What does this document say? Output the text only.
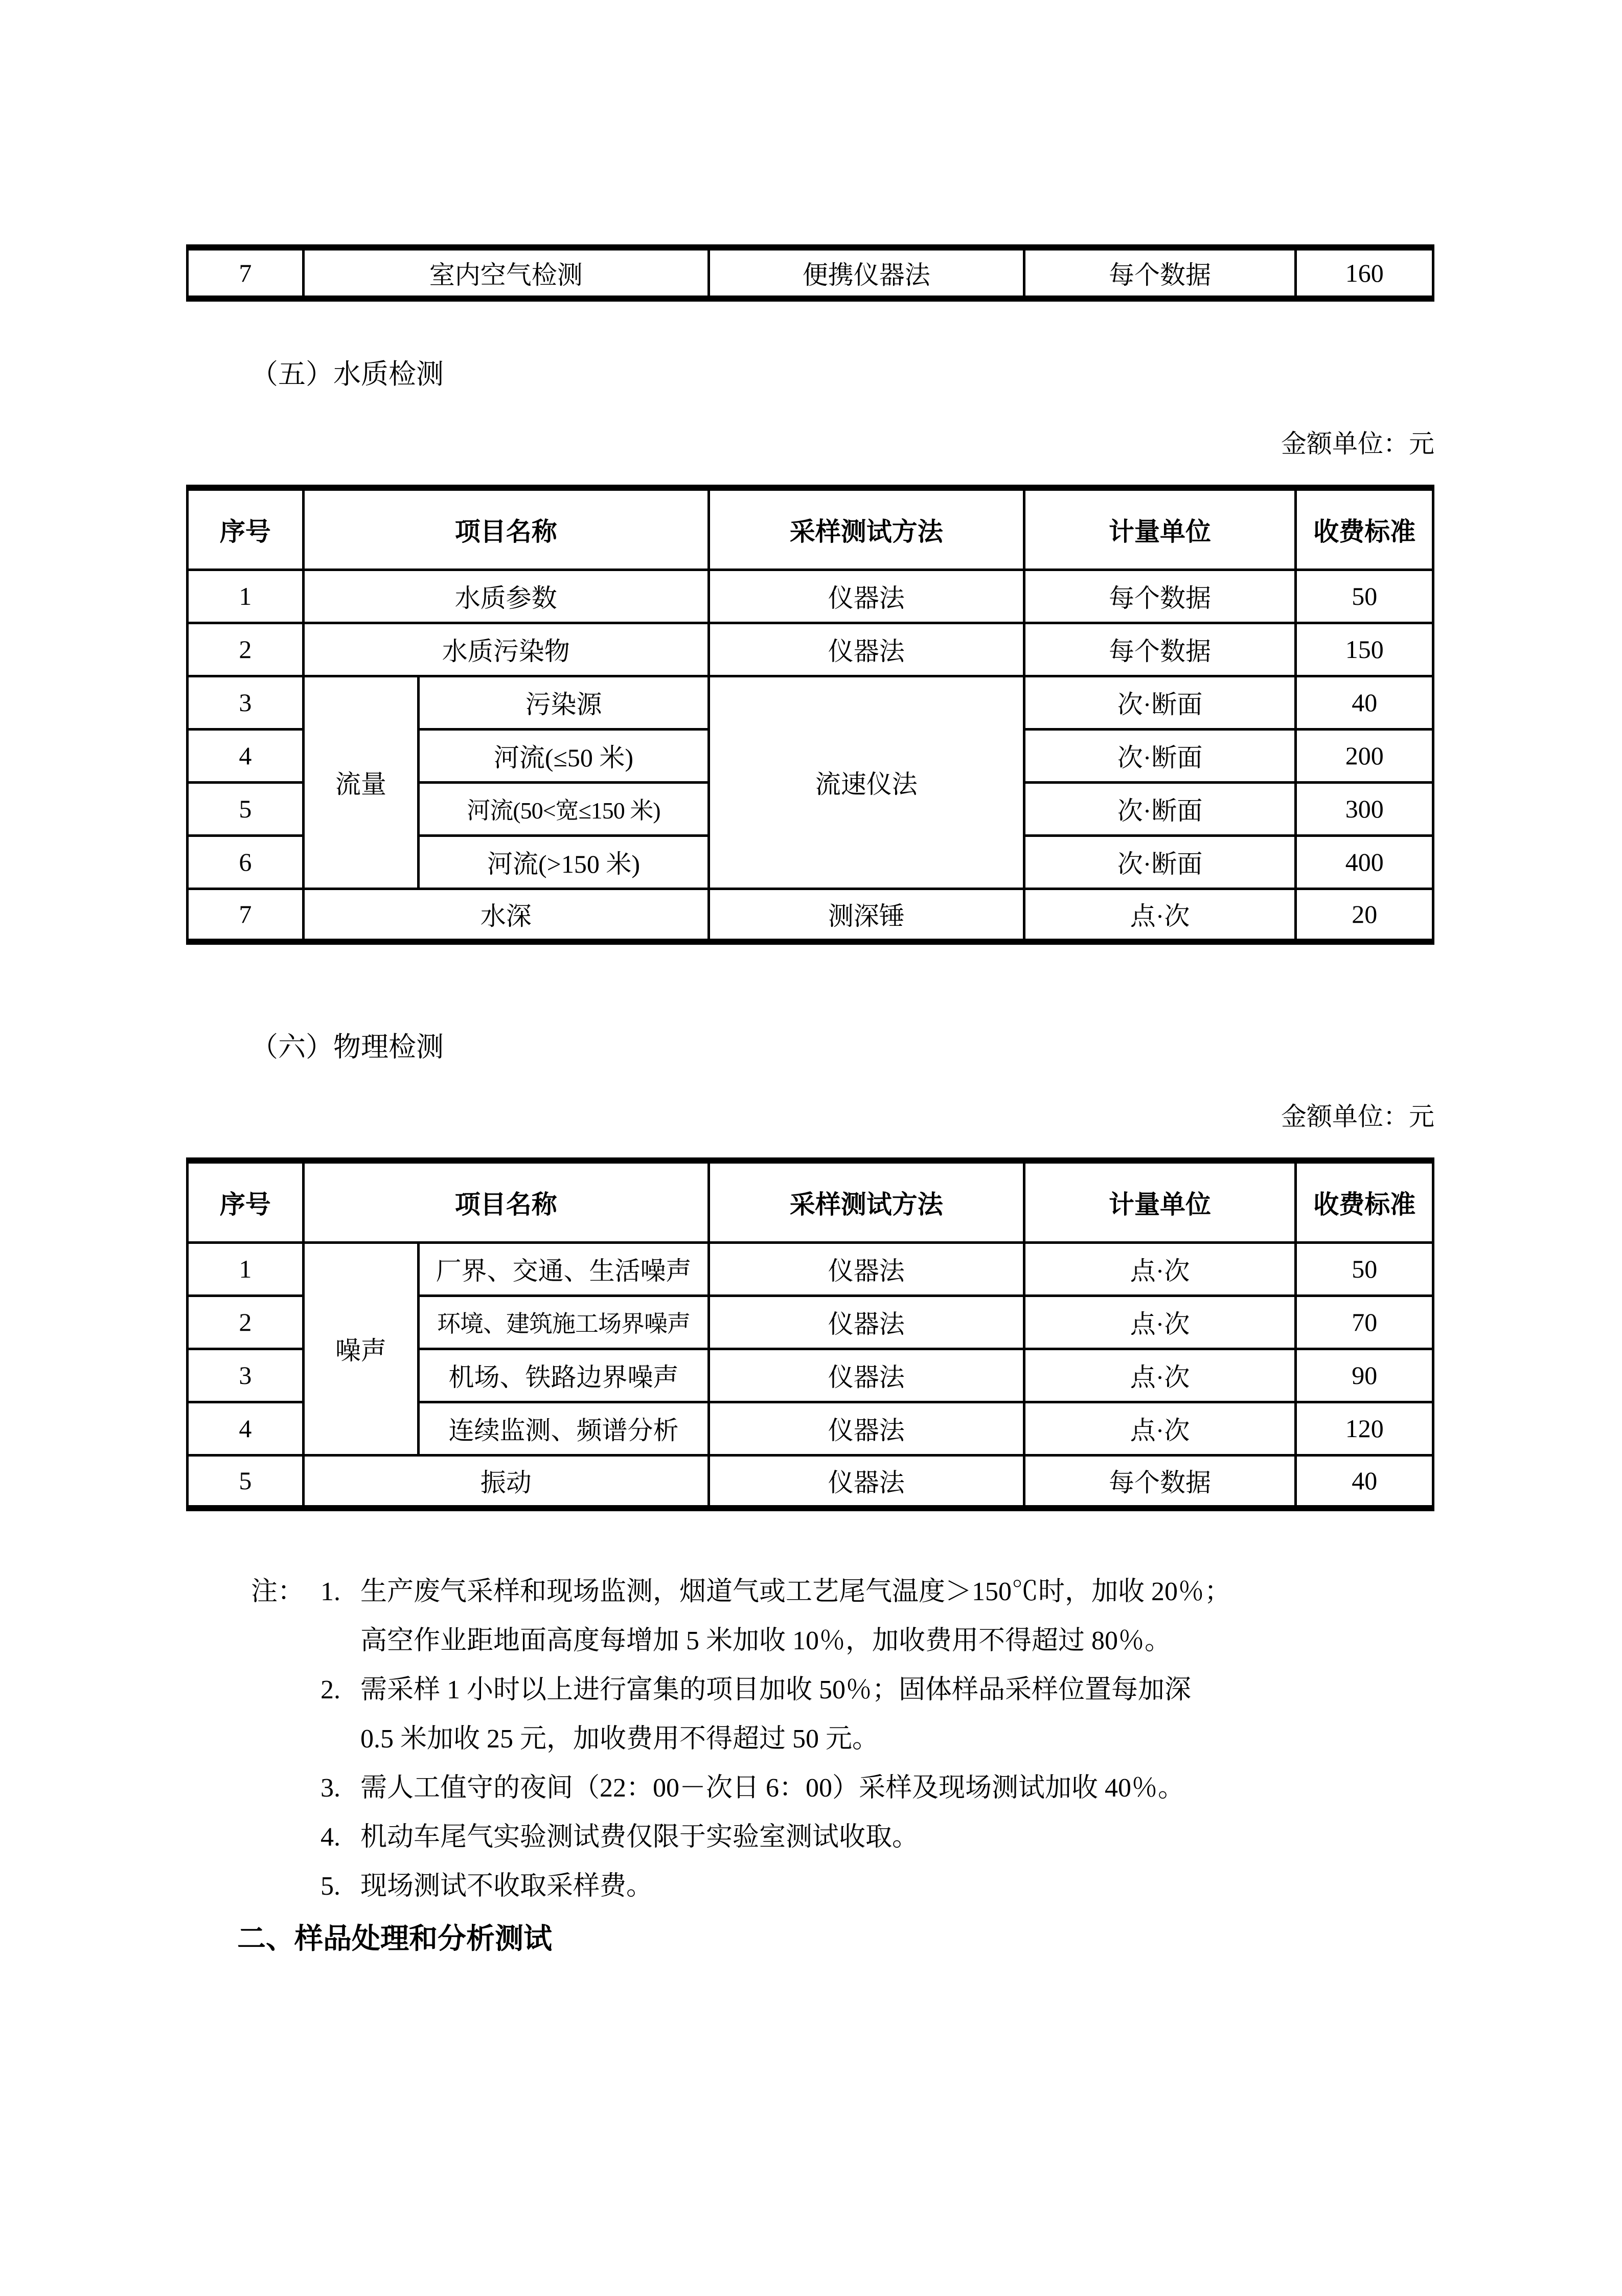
7	室内空气检测	便携仪器法	每个数据	160
（五）水质检测
金额单位：元
序号	项目名称		采样测试方法	计量单位	收费标准
1	水质参数		仪器法	每个数据	50
2	水质污染物		仪器法	每个数据	150
3	流量	污染源	流速仪法	次·断面	40
4		河流(≤50 米)		次·断面	200
5		河流(50<宽≤150 米)		次·断面	300
6		河流(>150 米)		次·断面	400
7	水深		测深锤	点·次	20
（六）物理检测
金额单位：元
序号	项目名称		采样测试方法	计量单位	收费标准
1	噪声	厂界、交通、生活噪声	仪器法	点·次	50
2		环境、建筑施工场界噪声	仪器法	点·次	70
3		机场、铁路边界噪声	仪器法	点·次	90
4		连续监测、频谱分析	仪器法	点·次	120
5	振动		仪器法	每个数据	40
注： 1. 生产废气采样和现场监测，烟道气或工艺尾气温度＞150℃时，加收 20％；
高空作业距地面高度每增加 5 米加收 10％，加收费用不得超过 80％。
2. 需采样 1 小时以上进行富集的项目加收 50％；固体样品采样位置每加深
0.5 米加收 25 元，加收费用不得超过 50 元。
3. 需人工值守的夜间（22：00－次日 6：00）采样及现场测试加收 40％。
4. 机动车尾气实验测试费仅限于实验室测试收取。
5. 现场测试不收取采样费。
二、样品处理和分析测试
